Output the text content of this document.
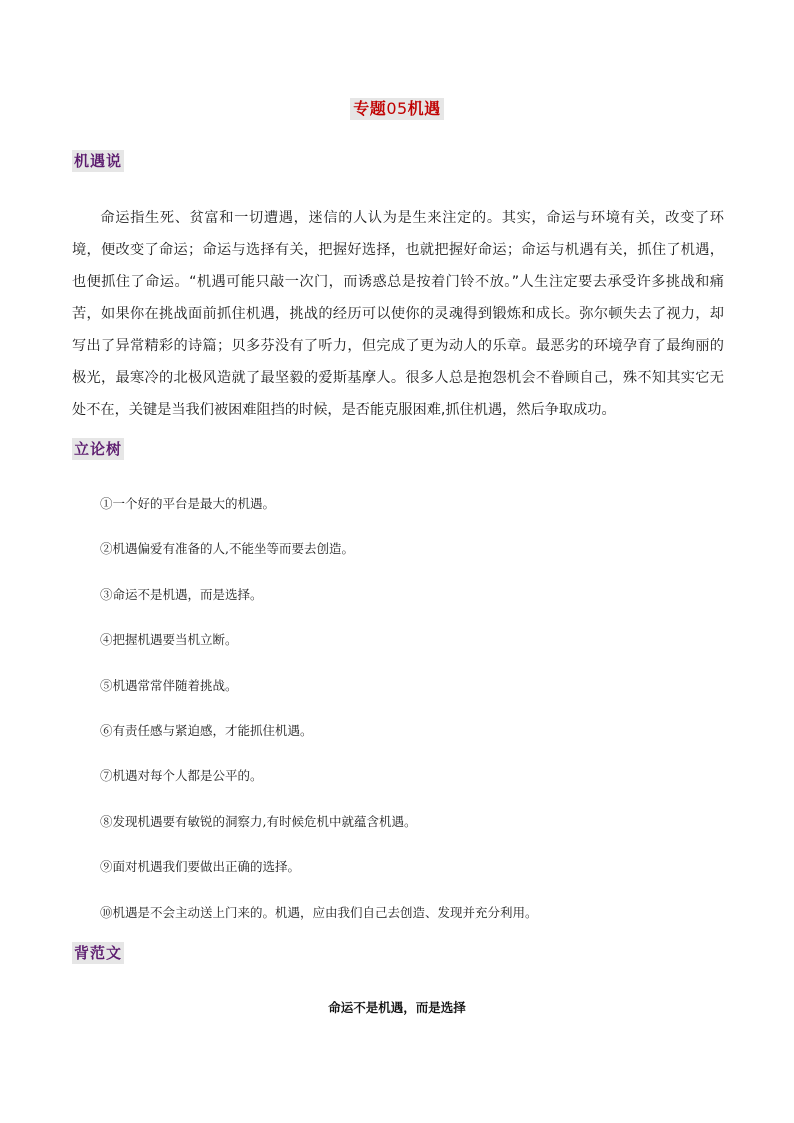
专题05机遇
机遇说

命运指生死、贫富和一切遭遇，迷信的人认为是生来注定的。其实，命运与环境有关，改变了环境，便改变了命运；命运与选择有关，把握好选择，也就把握好命运；命运与机遇有关，抓住了机遇，也便抓住了命运。“机遇可能只敲一次门，而诱惑总是按着门铃不放。”人生注定要去承受许多挑战和痛苦，如果你在挑战面前抓住机遇，挑战的经历可以使你的灵魂得到锻炼和成长。弥尔顿失去了视力，却写出了异常精彩的诗篇；贝多芬没有了听力，但完成了更为动人的乐章。最恶劣的环境孕育了最绚丽的极光，最寒冷的北极风造就了最坚毅的爱斯基摩人。很多人总是抱怨机会不眷顾自己，殊不知其实它无处不在，关键是当我们被困难阻挡的时候，是否能克服困难,抓住机遇，然后争取成功。

立论树
①一个好的平台是最大的机遇。
②机遇偏爱有准备的人,不能坐等而要去创造。
③命运不是机遇，而是选择。
④把握机遇要当机立断。
⑤机遇常常伴随着挑战。
⑥有责任感与紧迫感，才能抓住机遇。
⑦机遇对每个人都是公平的。
⑧发现机遇要有敏锐的洞察力,有时候危机中就蕴含机遇。
⑨面对机遇我们要做出正确的选择。
⑩机遇是不会主动送上门来的。机遇，应由我们自己去创造、发现并充分利用。
背范文
命运不是机遇，而是选择
